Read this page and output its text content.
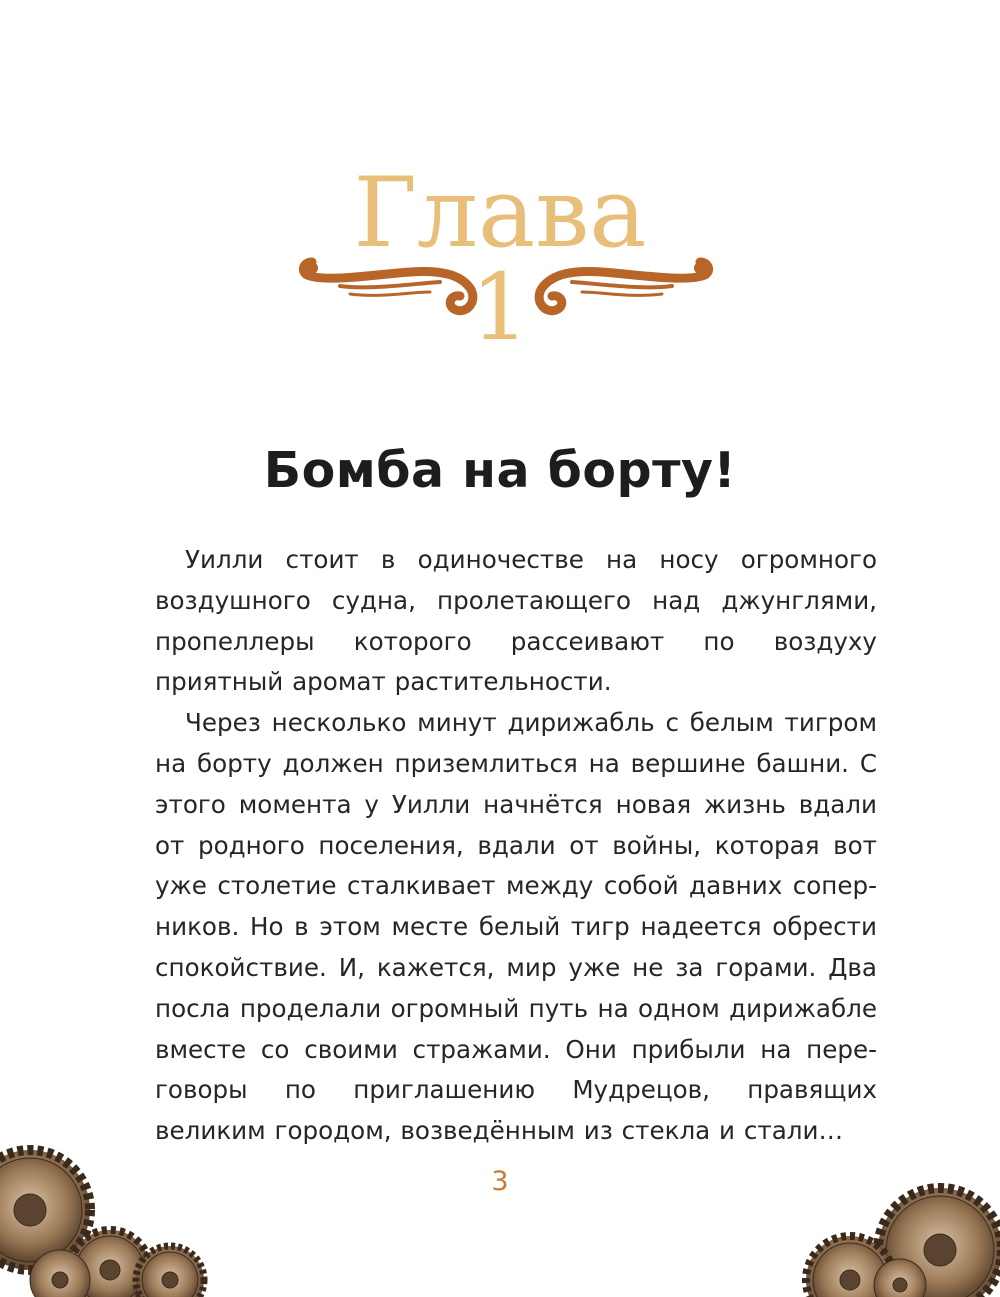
Глава
1
Бомба на борту!

Уилли стоит в одиночестве на носу огромного воздушного судна, пролетающего над джунглями, пропеллеры которого рассеивают по воздуху приятный аромат растительности.

Через несколько минут дирижабль с белым тигром на борту должен приземлиться на вершине башни. С этого момента у Уилли начнётся новая жизнь вдали от родного поселения, вдали от войны, которая вот уже столетие сталкивает между собой давних соперников. Но в этом месте белый тигр надеется обрести спокойствие. И, кажется, мир уже не за горами. Два посла проделали огромный путь на одном дирижабле вместе со своими стражами. Они прибыли на переговоры по приглашению Мудрецов, правящих великим городом, возведённым из стекла и стали…

3
